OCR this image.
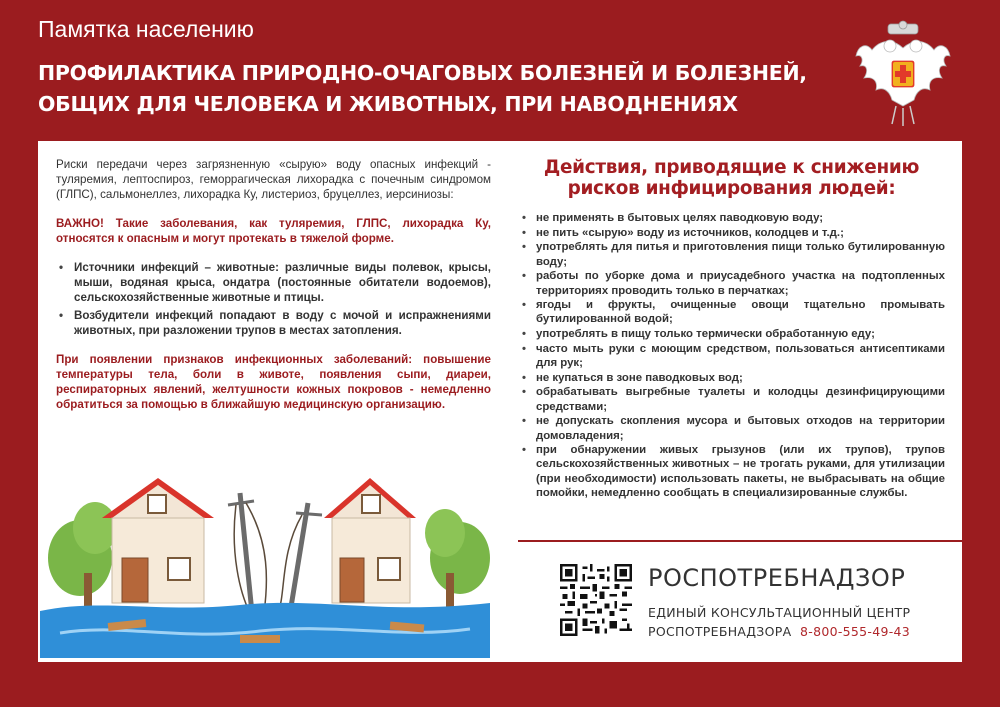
Памятка населению
ПРОФИЛАКТИКА ПРИРОДНО-ОЧАГОВЫХ БОЛЕЗНЕЙ И БОЛЕЗНЕЙ,
ОБЩИХ ДЛЯ ЧЕЛОВЕКА И ЖИВОТНЫХ, ПРИ НАВОДНЕНИЯХ

Риски передачи через загрязненную «сырую» воду опасных инфекций - туляремия, лептоспироз, геморрагическая лихорадка с почечным синдромом (ГЛПС), сальмонеллез, лихорадка Ку, листериоз, бруцеллез, иерсиниозы:

ВАЖНО! Такие заболевания, как туляремия, ГЛПС, лихорадка Ку, относятся к опасным и могут протекать в тяжелой форме.

• Источники инфекций – животные: различные виды полевок, крысы, мыши, водяная крыса, ондатра (постоянные обитатели водоемов), сельскохозяйственные животные и птицы.
• Возбудители инфекций попадают в воду с мочой и испражнениями животных, при разложении трупов в местах затопления.

При появлении признаков инфекционных заболеваний: повышение температуры тела, боли в животе, появления сыпи, диареи, респираторных явлений, желтушности кожных покровов - немедленно обратиться за помощью в ближайшую медицинскую организацию.

Действия, приводящие к снижению рисков инфицирования людей:
• не применять в бытовых целях паводковую воду;
• не пить «сырую» воду из источников, колодцев и т.д.;
• употреблять для питья и приготовления пищи только бутилированную воду;
• работы по уборке дома и приусадебного участка на подтопленных территориях проводить только в перчатках;
• ягоды и фрукты, очищенные овощи тщательно промывать бутилированной водой;
• употреблять в пищу только термически обработанную еду;
• часто мыть руки с моющим средством, пользоваться антисептиками для рук;
• не купаться в зоне паводковых вод;
• обрабатывать выгребные туалеты и колодцы дезинфицирующими средствами;
• не допускать скопления мусора и бытовых отходов на территории домовладения;
• при обнаружении живых грызунов (или их трупов), трупов сельскохозяйственных животных – не трогать руками, для утилизации (при необходимости) использовать пакеты, не выбрасывать на общие помойки, немедленно сообщать в специализированные службы.
РОСПОТРЕБНАДЗОР
ЕДИНЫЙ КОНСУЛЬТАЦИОННЫЙ ЦЕНТР
РОСПОТРЕБНАДЗОРА 8-800-555-49-43
